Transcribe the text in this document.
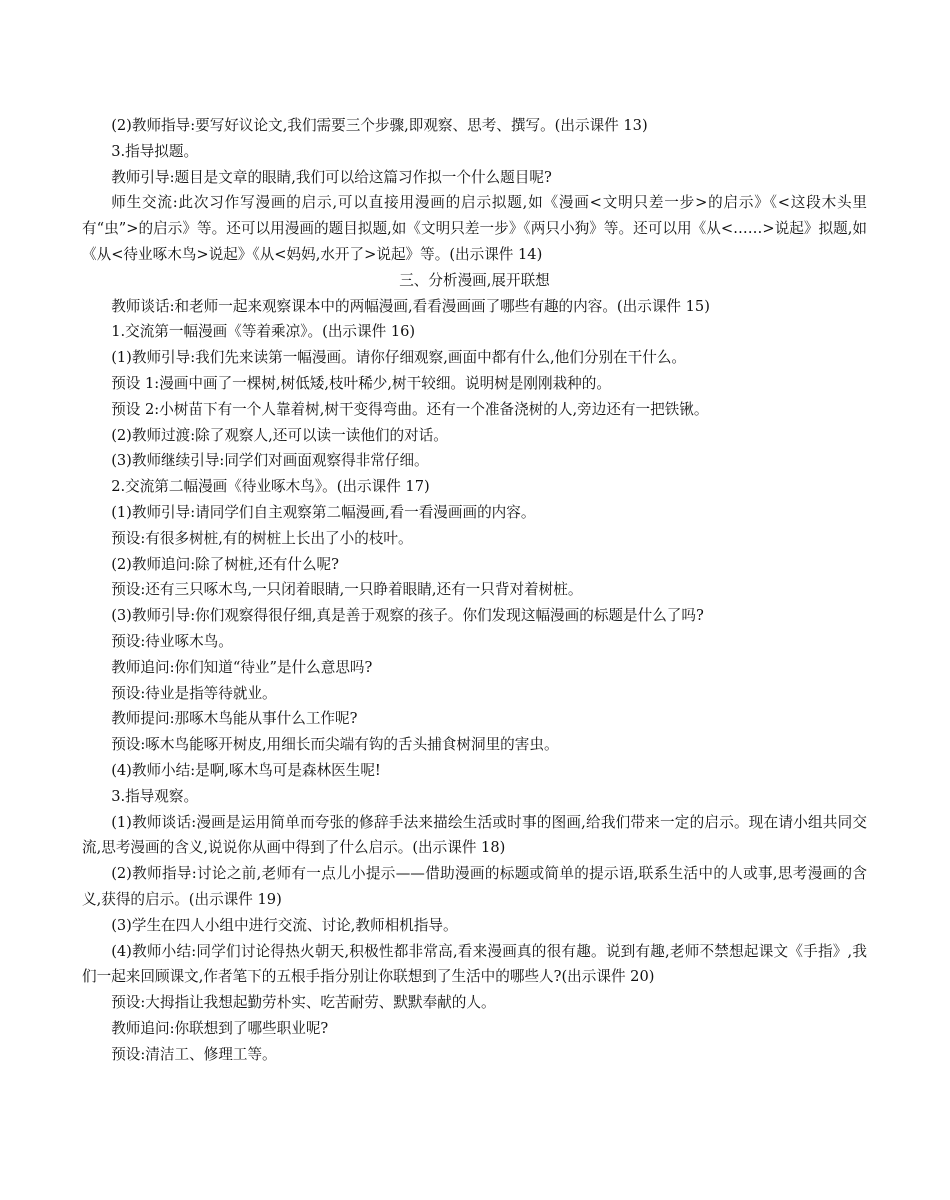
(2)教师指导:要写好议论文,我们需要三个步骤,即观察、思考、撰写。(出示课件 13)

3.指导拟题。

教师引导:题目是文章的眼睛,我们可以给这篇习作拟一个什么题目呢?

师生交流:此次习作写漫画的启示,可以直接用漫画的启示拟题,如《漫画<文明只差一步>的启示》《<这段木头里有“虫”>的启示》等。还可以用漫画的题目拟题,如《文明只差一步》《两只小狗》等。还可以用《从<……>说起》拟题,如《从<待业啄木鸟>说起》《从<妈妈,水开了>说起》等。(出示课件 14)

三、分析漫画,展开联想

教师谈话:和老师一起来观察课本中的两幅漫画,看看漫画画了哪些有趣的内容。(出示课件 15)

1.交流第一幅漫画《等着乘凉》。(出示课件 16)

(1)教师引导:我们先来读第一幅漫画。请你仔细观察,画面中都有什么,他们分别在干什么。

预设 1:漫画中画了一棵树,树低矮,枝叶稀少,树干较细。说明树是刚刚栽种的。

预设 2:小树苗下有一个人靠着树,树干变得弯曲。还有一个准备浇树的人,旁边还有一把铁锹。

(2)教师过渡:除了观察人,还可以读一读他们的对话。

(3)教师继续引导:同学们对画面观察得非常仔细。

2.交流第二幅漫画《待业啄木鸟》。(出示课件 17)

(1)教师引导:请同学们自主观察第二幅漫画,看一看漫画画的内容。

预设:有很多树桩,有的树桩上长出了小的枝叶。

(2)教师追问:除了树桩,还有什么呢?

预设:还有三只啄木鸟,一只闭着眼睛,一只睁着眼睛,还有一只背对着树桩。

(3)教师引导:你们观察得很仔细,真是善于观察的孩子。你们发现这幅漫画的标题是什么了吗?

预设:待业啄木鸟。

教师追问:你们知道“待业”是什么意思吗?

预设:待业是指等待就业。

教师提问:那啄木鸟能从事什么工作呢?

预设:啄木鸟能啄开树皮,用细长而尖端有钩的舌头捕食树洞里的害虫。

(4)教师小结:是啊,啄木鸟可是森林医生呢!

3.指导观察。

(1)教师谈话:漫画是运用简单而夸张的修辞手法来描绘生活或时事的图画,给我们带来一定的启示。现在请小组共同交流,思考漫画的含义,说说你从画中得到了什么启示。(出示课件 18)

(2)教师指导:讨论之前,老师有一点儿小提示——借助漫画的标题或简单的提示语,联系生活中的人或事,思考漫画的含义,获得的启示。(出示课件 19)

(3)学生在四人小组中进行交流、讨论,教师相机指导。

(4)教师小结:同学们讨论得热火朝天,积极性都非常高,看来漫画真的很有趣。说到有趣,老师不禁想起课文《手指》,我们一起来回顾课文,作者笔下的五根手指分别让你联想到了生活中的哪些人?(出示课件 20)

预设:大拇指让我想起勤劳朴实、吃苦耐劳、默默奉献的人。

教师追问:你联想到了哪些职业呢?

预设:清洁工、修理工等。
